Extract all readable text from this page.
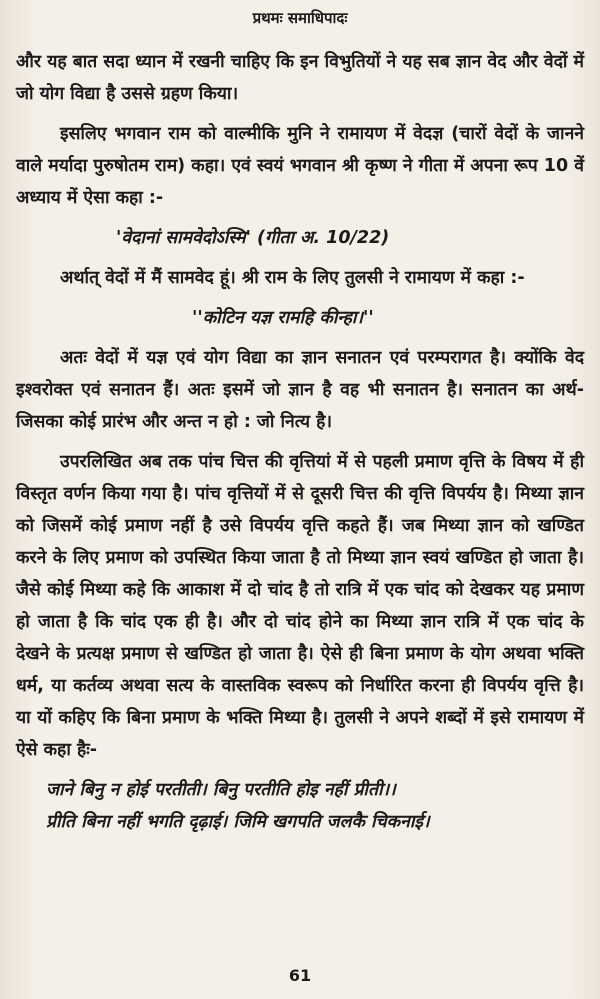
प्रथमः समाधिपादः

और यह बात सदा ध्यान में रखनी चाहिए कि इन विभुतियों ने यह सब ज्ञान वेद और वेदों में जो योग विद्या है उससे ग्रहण किया।

इसलिए भगवान राम को वाल्मीकि मुनि ने रामायण में वेदज्ञ (चारों वेदों के जानने वाले मर्यादा पुरुषोतम राम) कहा। एवं स्वयं भगवान श्री कृष्ण ने गीता में अपना रूप 10 वें अध्याय में ऐसा कहा :-

'वेदानां सामवेदोऽस्मि' (गीता अ. 10/22)

अर्थात् वेदों में मैं सामवेद हूं। श्री राम के लिए तुलसी ने रामायण में कहा :-

''कोटिन यज्ञ रामहि कीन्हा।''

अतः वेदों में यज्ञ एवं योग विद्या का ज्ञान सनातन एवं परम्परागत है। क्योंकि वेद इश्वरोक्त एवं सनातन हैं। अतः इसमें जो ज्ञान है वह भी सनातन है। सनातन का अर्थ-जिसका कोई प्रारंभ और अन्त न हो : जो नित्य है।

उपरलिखित अब तक पांच चित्त की वृत्तियां में से पहली प्रमाण वृत्ति के विषय में ही विस्तृत वर्णन किया गया है। पांच वृत्तियों में से दूसरी चित्त की वृत्ति विपर्यय है। मिथ्या ज्ञान को जिसमें कोई प्रमाण नहीं है उसे विपर्यय वृत्ति कहते हैं। जब मिथ्या ज्ञान को खण्डित करने के लिए प्रमाण को उपस्थित किया जाता है तो मिथ्या ज्ञान स्वयं खण्डित हो जाता है। जैसे कोई मिथ्या कहे कि आकाश में दो चांद है तो रात्रि में एक चांद को देखकर यह प्रमाण हो जाता है कि चांद एक ही है। और दो चांद होने का मिथ्या ज्ञान रात्रि में एक चांद के देखने के प्रत्यक्ष प्रमाण से खण्डित हो जाता है। ऐसे ही बिना प्रमाण के योग अथवा भक्ति धर्म, या कर्तव्य अथवा सत्य के वास्तविक स्वरूप को निर्धारित करना ही विपर्यय वृत्ति है। या यों कहिए कि बिना प्रमाण के भक्ति मिथ्या है। तुलसी ने अपने शब्दों में इसे रामायण में ऐसे कहा हैः-

जाने बिनु न होई परतीती। बिनु परतीति होइ नहीं प्रीती।।
प्रीति बिना नहीं भगति दृढ़ाई। जिमि खगपति जलकै चिकनाई।
61
